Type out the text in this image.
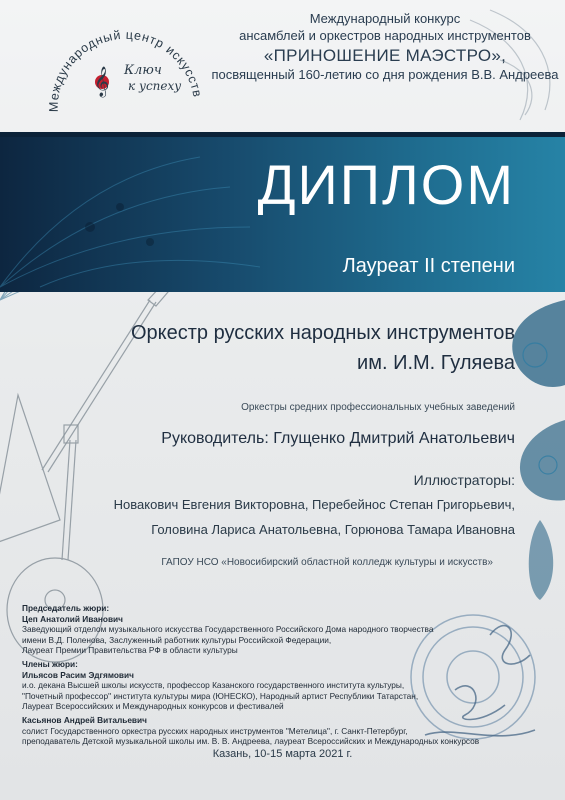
Международный центр искусств
𝄞 Ключ
к успеху
Международный конкурс
ансамблей и оркестров народных инструментов
«ПРИНОШЕНИЕ МАЭСТРО»,
посвященный 160-летию со дня рождения В.В. Андреева
ДИПЛОМ
Лауреат II степени
Оркестр русских народных инструментов
им. И.М. Гуляева
Оркестры средних профессиональных учебных заведений
Руководитель: Глущенко Дмитрий Анатольевич
Иллюстраторы:
Новакович Евгения Викторовна, Перебейнос Степан Григорьевич,
Головина Лариса Анатольевна, Горюнова Тамара Ивановна
ГАПОУ НСО «Новосибирский областной колледж культуры и искусств»
Председатель жюри:
Цеп Анатолий Иванович
Заведующий отделом музыкального искусства Государственного Российского Дома народного творчества
имени В.Д. Поленова, Заслуженный работник культуры Российской Федерации,
Лауреат Премии Правительства РФ в области культуры
Члены жюри:
Ильясов Расим Эдгямович
и.о. декана Высшей школы искусств, профессор Казанского государственного института культуры,
"Почетный профессор" института культуры мира (ЮНЕСКО), Народный артист Республики Татарстан,
Лауреат Всероссийских и Международных конкурсов и фестивалей
Касьянов Андрей Витальевич
солист Государственного оркестра русских народных инструментов "Метелица", г. Санкт-Петербург,
преподаватель Детской музыкальной школы им. В. В. Андреева, лауреат Всероссийских и Международных конкурсов
Казань, 10-15 марта 2021 г.
